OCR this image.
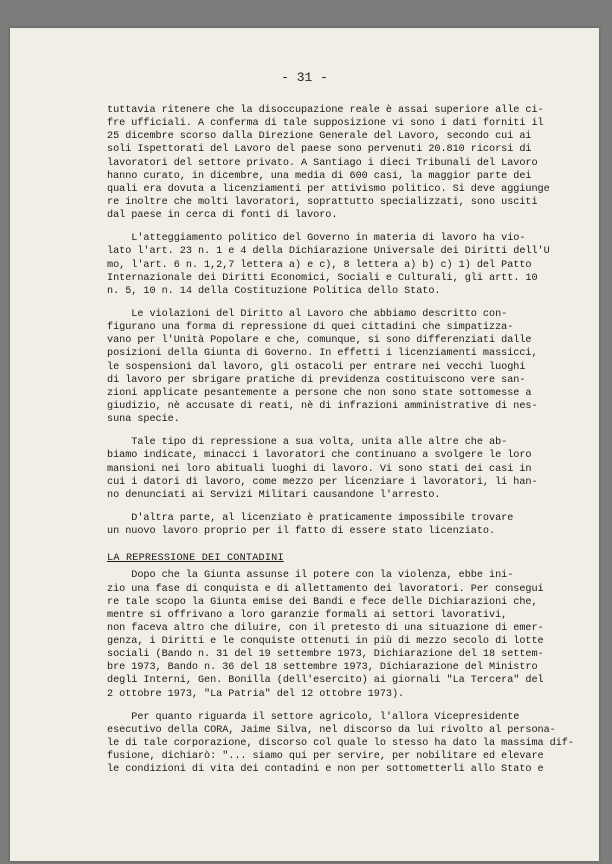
- 31 -
tuttavia ritenere che la disoccupazione reale è assai superiore alle ci-
fre ufficiali. A conferma di tale supposizione vi sono i dati forniti il
25 dicembre scorso dalla Direzione Generale del Lavoro, secondo cui ai
soli Ispettorati del Lavoro del paese sono pervenuti 20.810 ricorsi di
lavoratori del settore privato. A Santiago i dieci Tribunali del Lavoro
hanno curato, in dicembre, una media di 600 casi, la maggior parte dei
quali era dovuta a licenziamenti per attivismo politico. Si deve aggiunge
re inoltre che molti lavoratori, soprattutto specializzati, sono usciti
dal paese in cerca di fonti di lavoro.
L'atteggiamento politico del Governo in materia di lavoro ha vio-
lato l'art. 23 n. 1 e 4 della Dichiarazione Universale dei Diritti dell'U
mo, l'art. 6 n. 1,2,7 lettera a) e c), 8 lettera a) b) c) 1) del Patto
Internazionale dei Diritti Economici, Sociali e Culturali, gli artt. 10
n. 5, 10 n. 14 della Costituzione Politica dello Stato.
Le violazioni del Diritto al Lavoro che abbiamo descritto con-
figurano una forma di repressione di quei cittadini che simpatizza-
vano per l'Unità Popolare e che, comunque, si sono differenziati dalle
posizioni della Giunta di Governo. In effetti i licenziamenti massicci,
le sospensioni dal lavoro, gli ostacoli per entrare nei vecchi luoghi
di lavoro per sbrigare pratiche di previdenza costituiscono vere san-
zioni applicate pesantemente a persone che non sono state sottomesse a
giudizio, nè accusate di reati, nè di infrazioni amministrative di nes-
suna specie.
Tale tipo di repressione a sua volta, unita alle altre che ab-
biamo indicate, minacci i lavoratori che continuano a svolgere le loro
mansioni nei loro abituali luoghi di lavoro. Vi sono stati dei casi in
cui i datori di lavoro, come mezzo per licenziare i lavoratori, li han-
no denunciati ai Servizi Militari causandone l'arresto.
D'altra parte, al licenziato è praticamente impossibile trovare
un nuovo lavoro proprio per il fatto di essere stato licenziato.
LA REPRESSIONE DEI CONTADINI
Dopo che la Giunta assunse il potere con la violenza, ebbe ini-
zio una fase di conquista e di allettamento dei lavoratori. Per consegui
re tale scopo la Giunta emise dei Bandi e fece delle Dichiarazioni che,
mentre si offrivano a loro garanzie formali ai settori lavorativi,
non faceva altro che diluire, con il pretesto di una situazione di emer-
genza, i Diritti e le conquiste ottenuti in più di mezzo secolo di lotte
sociali (Bando n. 31 del 19 settembre 1973, Dichiarazione del 18 settem-
bre 1973, Bando n. 36 del 18 settembre 1973, Dichiarazione del Ministro
degli Interni, Gen. Bonilla (dell'esercito) ai giornali "La Tercera" del
2 ottobre 1973, "La Patria" del 12 ottobre 1973).
Per quanto riguarda il settore agricolo, l'allora Vicepresidente
esecutivo della CORA, Jaime Silva, nel discorso da lui rivolto al persona-
le di tale corporazione, discorso col quale lo stesso ha dato la massima dif-
fusione, dichiarò: "... siamo qui per servire, per nobilitare ed elevare
le condizioni di vita dei contadini e non per sottometterli allo Stato e
